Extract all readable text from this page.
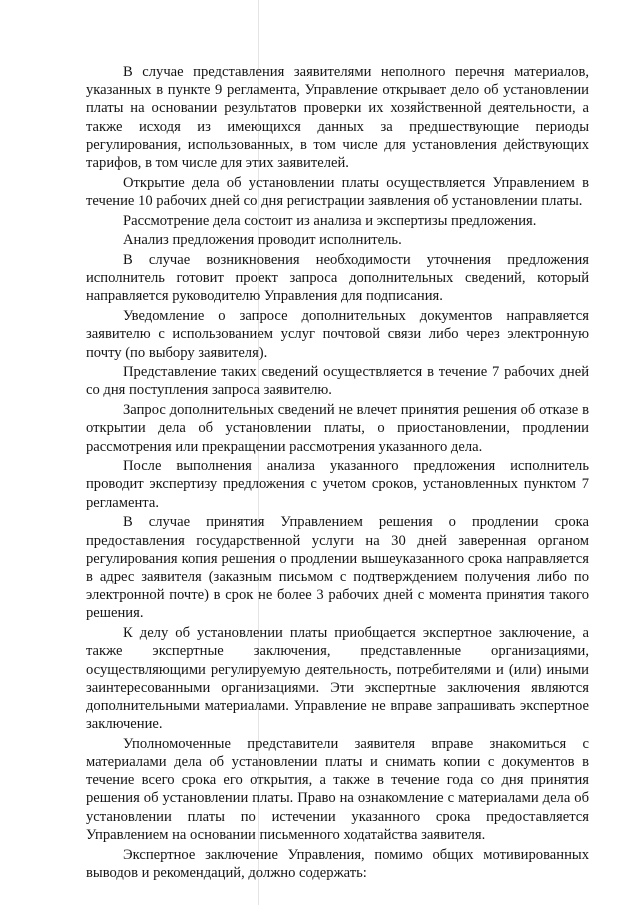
В случае представления заявителями неполного перечня материалов, указанных в пункте 9 регламента, Управление открывает дело об установлении платы на основании результатов проверки их хозяйственной деятельности, а также исходя из имеющихся данных за предшествующие периоды регулирования, использованных, в том числе для установления действующих тарифов, в том числе для этих заявителей.

Открытие дела об установлении платы осуществляется Управлением в течение 10 рабочих дней со дня регистрации заявления об установлении платы.

Рассмотрение дела состоит из анализа и экспертизы предложения.

Анализ предложения проводит исполнитель.

В случае возникновения необходимости уточнения предложения исполнитель готовит проект запроса дополнительных сведений, который направляется руководителю Управления для подписания.

Уведомление о запросе дополнительных документов направляется заявителю с использованием услуг почтовой связи либо через электронную почту (по выбору заявителя).

Представление таких сведений осуществляется в течение 7 рабочих дней со дня поступления запроса заявителю.

Запрос дополнительных сведений не влечет принятия решения об отказе в открытии дела об установлении платы, о приостановлении, продлении рассмотрения или прекращении рассмотрения указанного дела.

После выполнения анализа указанного предложения исполнитель проводит экспертизу предложения с учетом сроков, установленных пунктом 7 регламента.

В случае принятия Управлением решения о продлении срока предоставления государственной услуги на 30 дней заверенная органом регулирования копия решения о продлении вышеуказанного срока направляется в адрес заявителя (заказным письмом с подтверждением получения либо по электронной почте) в срок не более 3 рабочих дней с момента принятия такого решения.

К делу об установлении платы приобщается экспертное заключение, а также экспертные заключения, представленные организациями, осуществляющими регулируемую деятельность, потребителями и (или) иными заинтересованными организациями. Эти экспертные заключения являются дополнительными материалами. Управление не вправе запрашивать экспертное заключение.

Уполномоченные представители заявителя вправе знакомиться с материалами дела об установлении платы и снимать копии с документов в течение всего срока его открытия, а также в течение года со дня принятия решения об установлении платы. Право на ознакомление с материалами дела об установлении платы по истечении указанного срока предоставляется Управлением на основании письменного ходатайства заявителя.

Экспертное заключение Управления, помимо общих мотивированных выводов и рекомендаций, должно содержать:
